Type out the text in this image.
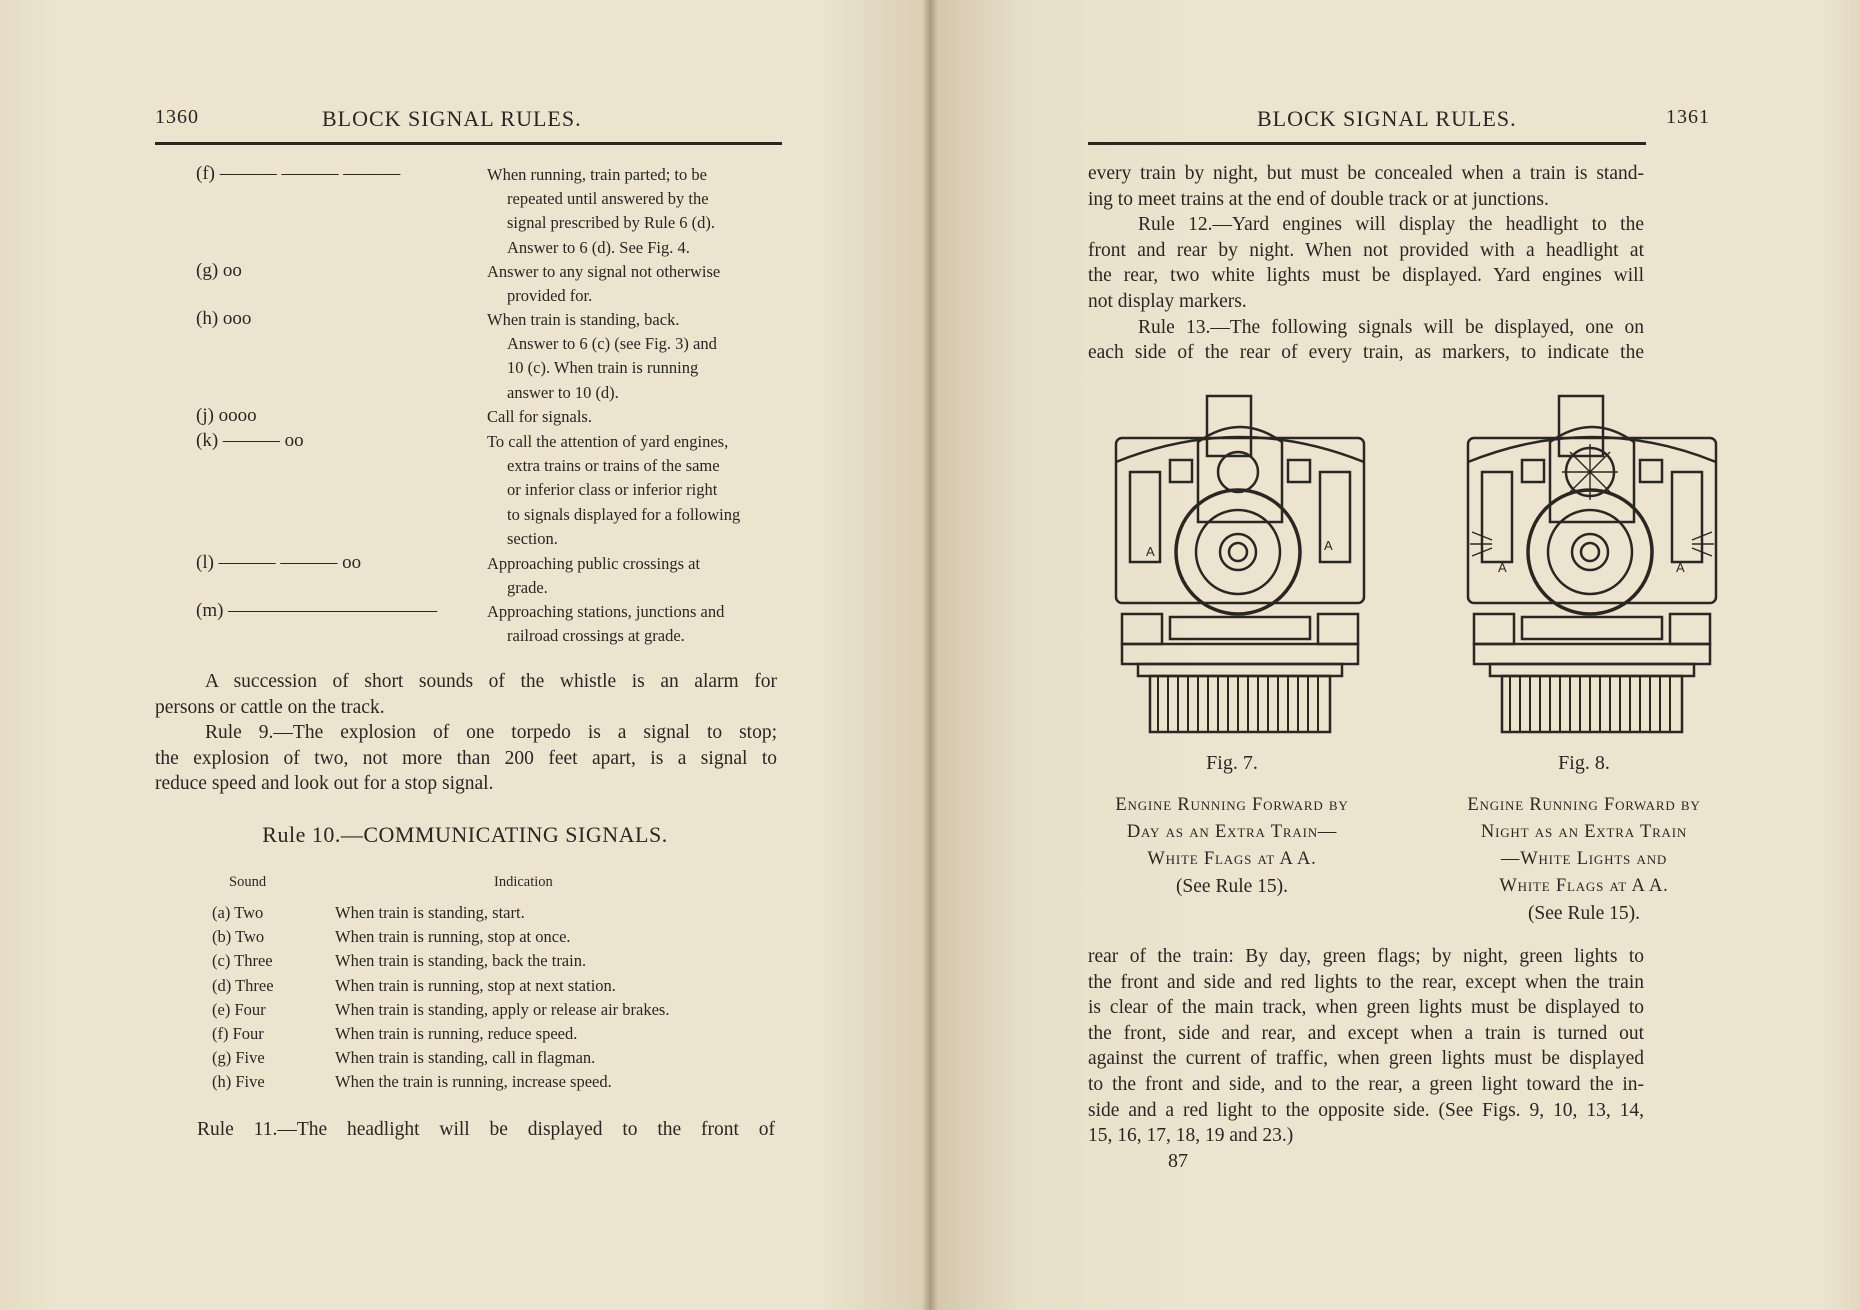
1360	BLOCK SIGNAL RULES.
(f) ——— ——— ———	When running, train parted; to be
repeated until answered by the
signal prescribed by Rule 6 (d).
Answer to 6 (d). See Fig. 4.
(g) oo	Answer to any signal not otherwise
provided for.
(h) ooo	When train is standing, back.
Answer to 6 (c) (see Fig. 3) and
10 (c). When train is running
answer to 10 (d).
(j) oooo	Call for signals.
(k) ——— oo	To call the attention of yard engines,
extra trains or trains of the same
or inferior class or inferior right
to signals displayed for a following
section.
(l) ——— ——— oo	Approaching public crossings at
grade.
(m) ———————————	Approaching stations, junctions and
railroad crossings at grade.
A succession of short sounds of the whistle is an alarm for
persons or cattle on the track.
Rule 9.—The explosion of one torpedo is a signal to stop;
the explosion of two, not more than 200 feet apart, is a signal to
reduce speed and look out for a stop signal.
Rule 10.—COMMUNICATING SIGNALS.
Sound	Indication
(a) Two	When train is standing, start.
(b) Two	When train is running, stop at once.
(c) Three	When train is standing, back the train.
(d) Three	When train is running, stop at next station.
(e) Four	When train is standing, apply or release air brakes.
(f) Four	When train is running, reduce speed.
(g) Five	When train is standing, call in flagman.
(h) Five	When the train is running, increase speed.
Rule 11.—The headlight will be displayed to the front of
BLOCK SIGNAL RULES.	1361
every train by night, but must be concealed when a train is stand-
ing to meet trains at the end of double track or at junctions.
Rule 12.—Yard engines will display the headlight to the
front and rear by night. When not provided with a headlight at
the rear, two white lights must be displayed. Yard engines will
not display markers.
Rule 13.—The following signals will be displayed, one on
each side of the rear of every train, as markers, to indicate the
A	A
Fig. 7.
Engine Running Forward by
Day as an Extra Train—
White Flags at A A.
(See Rule 15).
A	A
Fig. 8.
Engine Running Forward by
Night as an Extra Train
—White Lights and
White Flags at A A.
(See Rule 15).
rear of the train: By day, green flags; by night, green lights to
the front and side and red lights to the rear, except when the train
is clear of the main track, when green lights must be displayed to
the front, side and rear, and except when a train is turned out
against the current of traffic, when green lights must be displayed
to the front and side, and to the rear, a green light toward the in-
side and a red light to the opposite side. (See Figs. 9, 10, 13, 14,
15, 16, 17, 18, 19 and 23.)
87
